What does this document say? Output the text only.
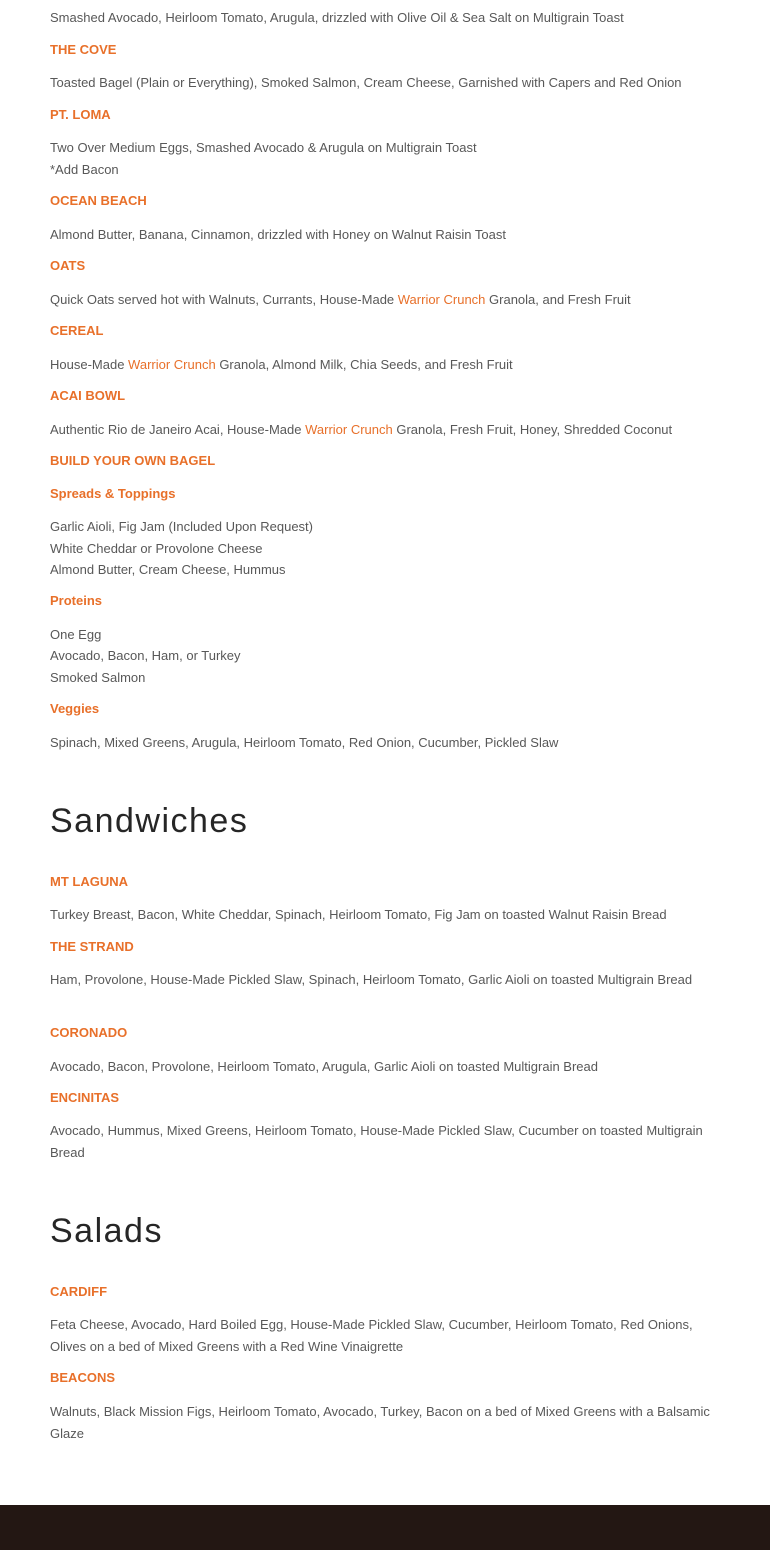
Smashed Avocado, Heirloom Tomato, Arugula, drizzled with Olive Oil & Sea Salt on Multigrain Toast

THE COVE

Toasted Bagel (Plain or Everything), Smoked Salmon, Cream Cheese, Garnished with Capers and Red Onion

PT. LOMA

Two Over Medium Eggs, Smashed Avocado & Arugula on Multigrain Toast

*Add Bacon

OCEAN BEACH

Almond Butter, Banana, Cinnamon, drizzled with Honey on Walnut Raisin Toast

OATS

Quick Oats served hot with Walnuts, Currants, House-Made Warrior Crunch Granola, and Fresh Fruit

CEREAL

House-Made Warrior Crunch Granola, Almond Milk, Chia Seeds, and Fresh Fruit

ACAI BOWL

Authentic Rio de Janeiro Acai, House-Made Warrior Crunch Granola, Fresh Fruit, Honey, Shredded Coconut

BUILD YOUR OWN BAGEL

Spreads & Toppings

Garlic Aioli, Fig Jam (Included Upon Request)

White Cheddar or Provolone Cheese

Almond Butter, Cream Cheese, Hummus

Proteins

One Egg

Avocado, Bacon, Ham, or Turkey

Smoked Salmon

Veggies

Spinach, Mixed Greens, Arugula, Heirloom Tomato, Red Onion, Cucumber, Pickled Slaw

Sandwiches

MT LAGUNA

Turkey Breast, Bacon, White Cheddar, Spinach, Heirloom Tomato, Fig Jam on toasted Walnut Raisin Bread

THE STRAND

Ham, Provolone, House-Made Pickled Slaw, Spinach, Heirloom Tomato, Garlic Aioli on toasted Multigrain Bread

CORONADO

Avocado, Bacon, Provolone, Heirloom Tomato, Arugula, Garlic Aioli on toasted Multigrain Bread

ENCINITAS

Avocado, Hummus, Mixed Greens, Heirloom Tomato, House-Made Pickled Slaw, Cucumber on toasted Multigrain Bread

Salads

CARDIFF

Feta Cheese, Avocado, Hard Boiled Egg, House-Made Pickled Slaw, Cucumber, Heirloom Tomato, Red Onions, Olives on a bed of Mixed Greens with a Red Wine Vinaigrette

BEACONS

Walnuts, Black Mission Figs, Heirloom Tomato, Avocado, Turkey, Bacon on a bed of Mixed Greens with a Balsamic Glaze
